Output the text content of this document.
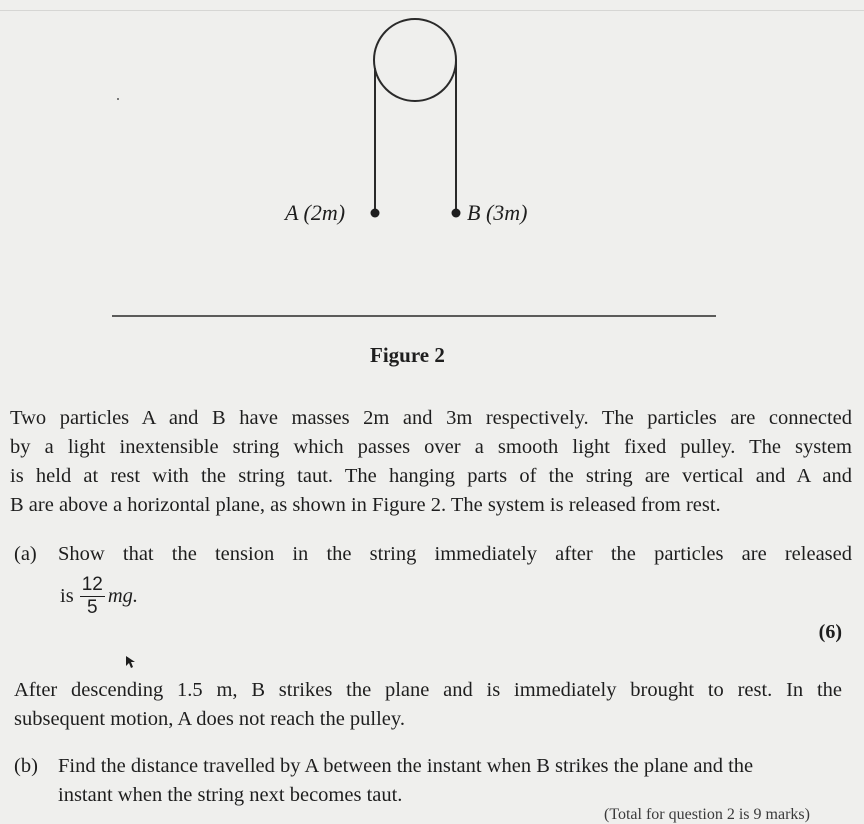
A (2m)	B (3m)
Figure 2
Two particles A and B have masses 2m and 3m respectively. The particles are connected
by a light inextensible string which passes over a smooth light fixed pulley. The system
is held at rest with the string taut. The hanging parts of the string are vertical and A and
B are above a horizontal plane, as shown in Figure 2. The system is released from rest.
(a) Show that the tension in the string immediately after the particles are released
is $\frac{12}{5}$ mg.
(6)
After descending 1.5 m, B strikes the plane and is immediately brought to rest. In the
subsequent motion, A does not reach the pulley.
(b) Find the distance travelled by A between the instant when B strikes the plane and the
instant when the string next becomes taut.
(Total for question 2 is 9 marks)
